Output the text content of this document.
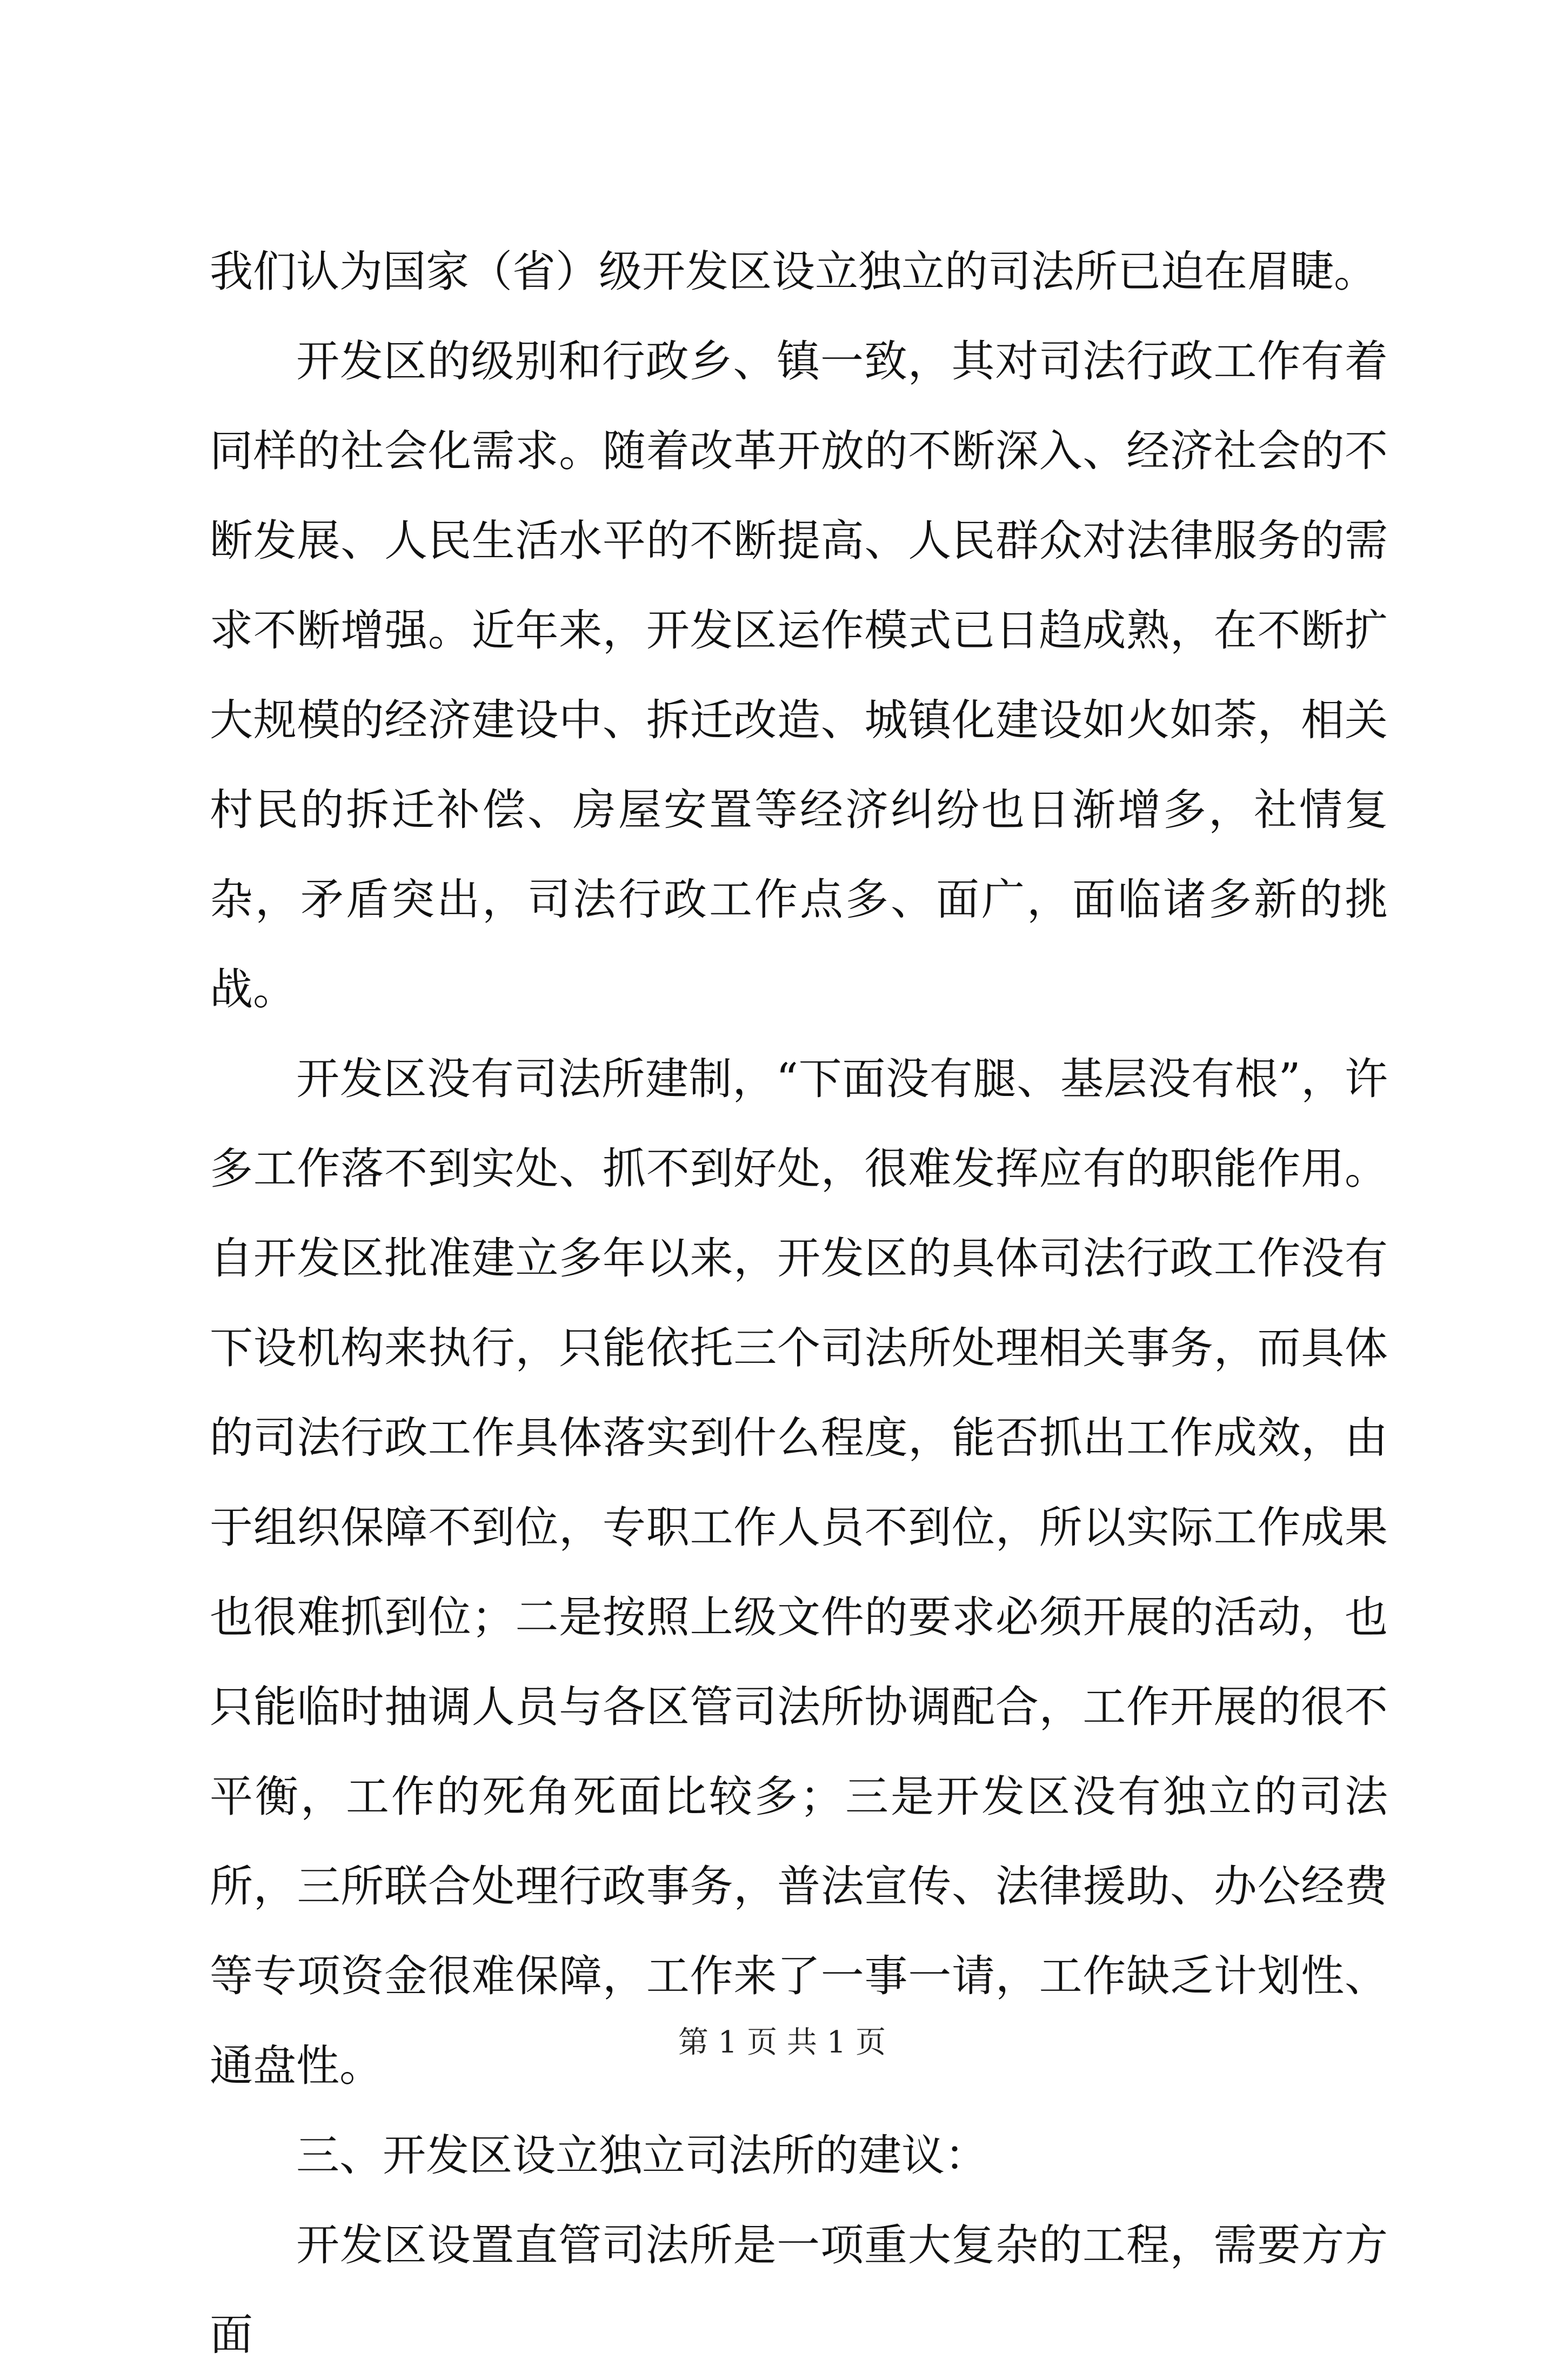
我们认为国家（省）级开发区设立独立的司法所已迫在眉睫。

开发区的级别和行政乡、镇一致，其对司法行政工作有着同样的社会化需求。随着改革开放的不断深入、经济社会的不断发展、人民生活水平的不断提高、人民群众对法律服务的需求不断增强。近年来，开发区运作模式已日趋成熟，在不断扩大规模的经济建设中、拆迁改造、城镇化建设如火如荼，相关村民的拆迁补偿、房屋安置等经济纠纷也日渐增多，社情复杂，矛盾突出，司法行政工作点多、面广，面临诸多新的挑战。

开发区没有司法所建制，“下面没有腿、基层没有根”，许多工作落不到实处、抓不到好处，很难发挥应有的职能作用。自开发区批准建立多年以来，开发区的具体司法行政工作没有下设机构来执行，只能依托三个司法所处理相关事务，而具体的司法行政工作具体落实到什么程度，能否抓出工作成效，由于组织保障不到位，专职工作人员不到位，所以实际工作成果也很难抓到位；二是按照上级文件的要求必须开展的活动，也只能临时抽调人员与各区管司法所协调配合，工作开展的很不平衡，工作的死角死面比较多；三是开发区没有独立的司法所，三所联合处理行政事务，普法宣传、法律援助、办公经费等专项资金很难保障，工作来了一事一请，工作缺乏计划性、通盘性。

三、开发区设立独立司法所的建议：

开发区设置直管司法所是一项重大复杂的工程，需要方方面

第 1 页 共 1 页
